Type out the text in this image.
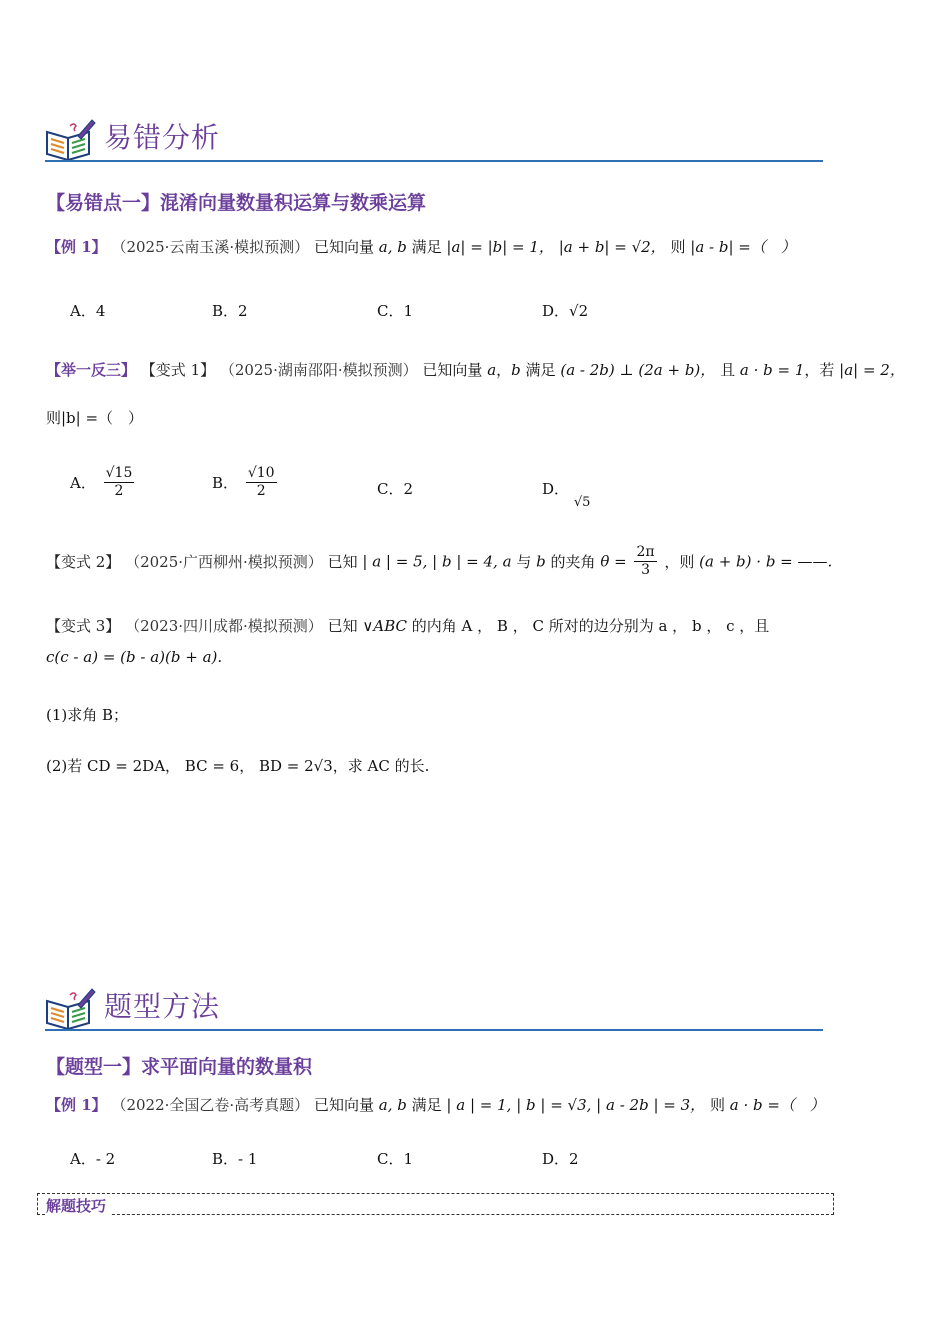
易错分析
【易错点一】混淆向量数量积运算与数乘运算
【例 1】 （2025·云南玉溪·模拟预测） 已知向量 a, b 满足 |a| = |b| = 1， |a + b| = √2， 则 |a - b| =（　）
A．4	B．2	C．1	D．√2
【举一反三】 【变式 1】 （2025·湖南邵阳·模拟预测） 已知向量 a，b 满足 (a - 2b) ⊥ (2a + b)， 且 a · b = 1，若 |a| = 2，
则|b| =（　）
A． $\frac{√15}{2}$	B． $\frac{√10}{2}$	C．2	D． √5
【变式 2】 （2025·广西柳州·模拟预测） 已知 | a | = 5, | b | = 4, a 与 b 的夹角 $\theta = \frac{2\pi}{3}$ ，则 (a + b) · b = ——.
【变式 3】 （2023·四川成都·模拟预测） 已知 ∨ABC 的内角 A ， B ， C 所对的边分别为 a ， b ， c ，且
c(c - a) = (b - a)(b + a).
(1)求角 B；
(2)若 CD = 2DA， BC = 6， BD = 2√3，求 AC 的长.
题型方法
【题型一】求平面向量的数量积
【例 1】 （2022·全国乙卷·高考真题） 已知向量 a, b 满足 | a | = 1, | b | = √3, | a - 2b | = 3， 则 a · b =（　）
A．- 2	B．- 1	C．1	D．2
解题技巧
